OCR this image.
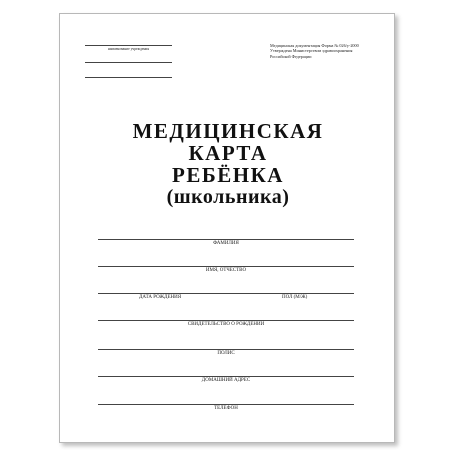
наименование учреждения
Медицинская документация Форма № 026/у-2000
Утверждена Министерством здравоохранения
Российской Федерации
МЕДИЦИНСКАЯ
КАРТА
РЕБЁНКА
(школьника)
ФАМИЛИЯ
ИМЯ, ОТЧЕСТВО
ДАТА РОЖДЕНИЯ	ПОЛ (М/Ж)
СВИДЕТЕЛЬСТВО О РОЖДЕНИИ
ПОЛИС
ДОМАШНИЙ АДРЕС
ТЕЛЕФОН
